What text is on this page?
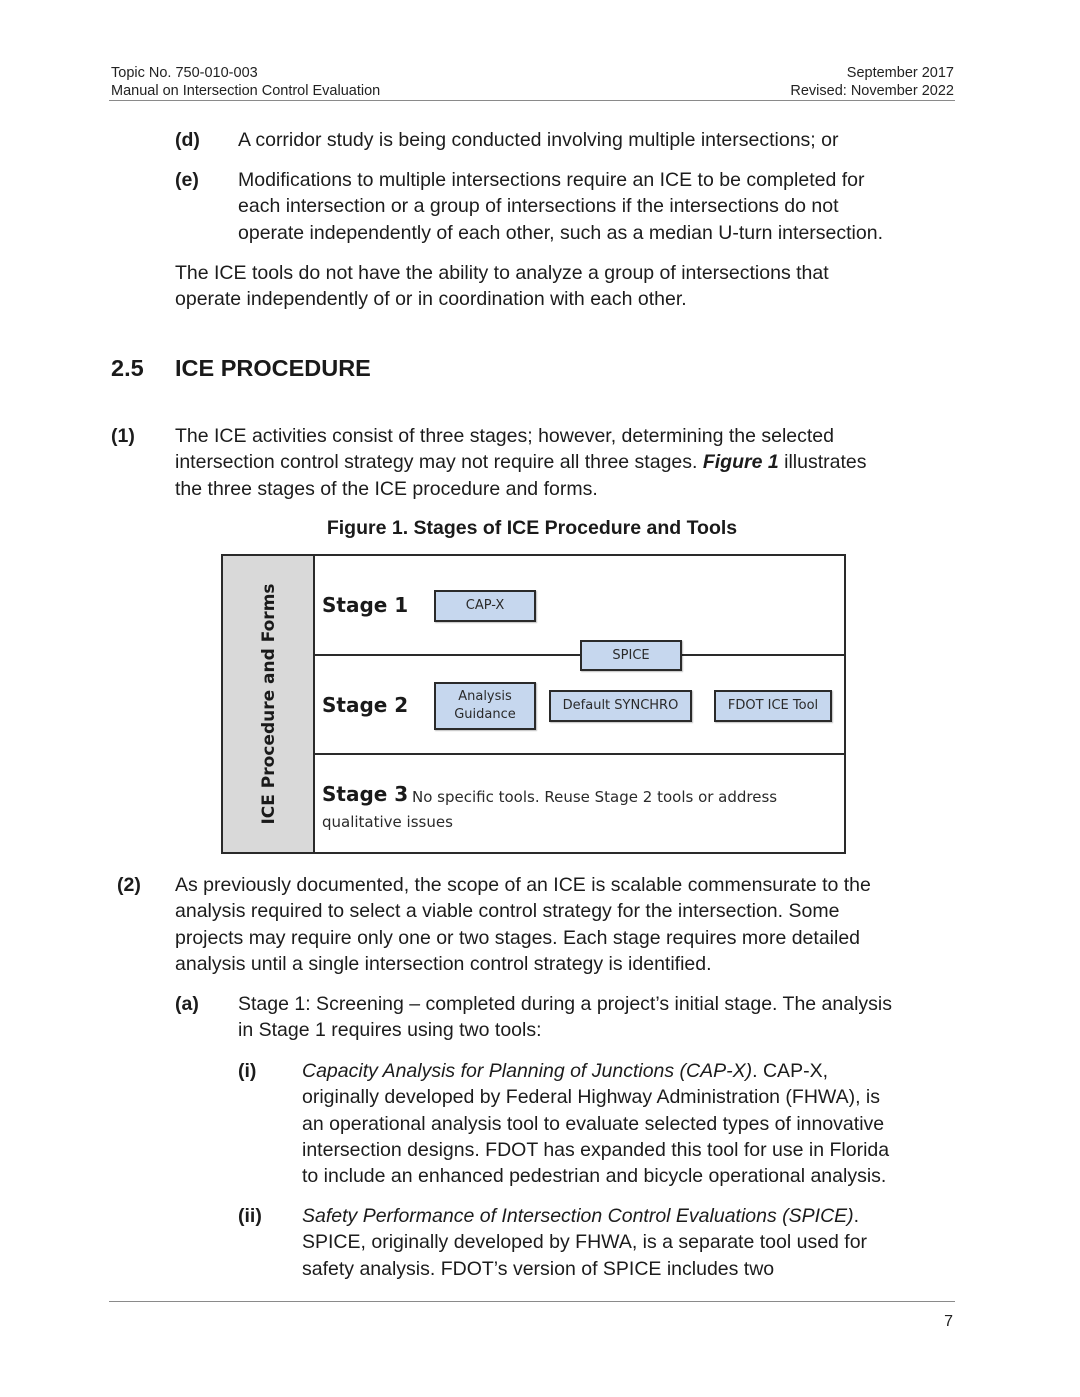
Topic No. 750-010-003
Manual on Intersection Control Evaluation
September 2017
Revised: November 2022
(d) A corridor study is being conducted involving multiple intersections; or
(e) Modifications to multiple intersections require an ICE to be completed for
each intersection or a group of intersections if the intersections do not
operate independently of each other, such as a median U-turn intersection.
The ICE tools do not have the ability to analyze a group of intersections that
operate independently of or in coordination with each other.
2.5 ICE PROCEDURE
(1) The ICE activities consist of three stages; however, determining the selected
intersection control strategy may not require all three stages. Figure 1 illustrates
the three stages of the ICE procedure and forms.
Figure 1. Stages of ICE Procedure and Tools
ICE Procedure and Forms Stage 1	CAP-X
SPICE
Stage 2	Analysis
Guidance
Default SYNCHRO	FDOT ICE Tool
Stage 3 No specific tools. Reuse Stage 2 tools or address
qualitative issues
(2) As previously documented, the scope of an ICE is scalable commensurate to the
analysis required to select a viable control strategy for the intersection. Some
projects may require only one or two stages. Each stage requires more detailed
analysis until a single intersection control strategy is identified.
(a) Stage 1: Screening – completed during a project’s initial stage. The analysis
in Stage 1 requires using two tools:
(i) Capacity Analysis for Planning of Junctions (CAP-X). CAP-X,
originally developed by Federal Highway Administration (FHWA), is
an operational analysis tool to evaluate selected types of innovative
intersection designs. FDOT has expanded this tool for use in Florida
to include an enhanced pedestrian and bicycle operational analysis.
(ii) Safety Performance of Intersection Control Evaluations (SPICE).
SPICE, originally developed by FHWA, is a separate tool used for
safety analysis. FDOT’s version of SPICE includes two
7
